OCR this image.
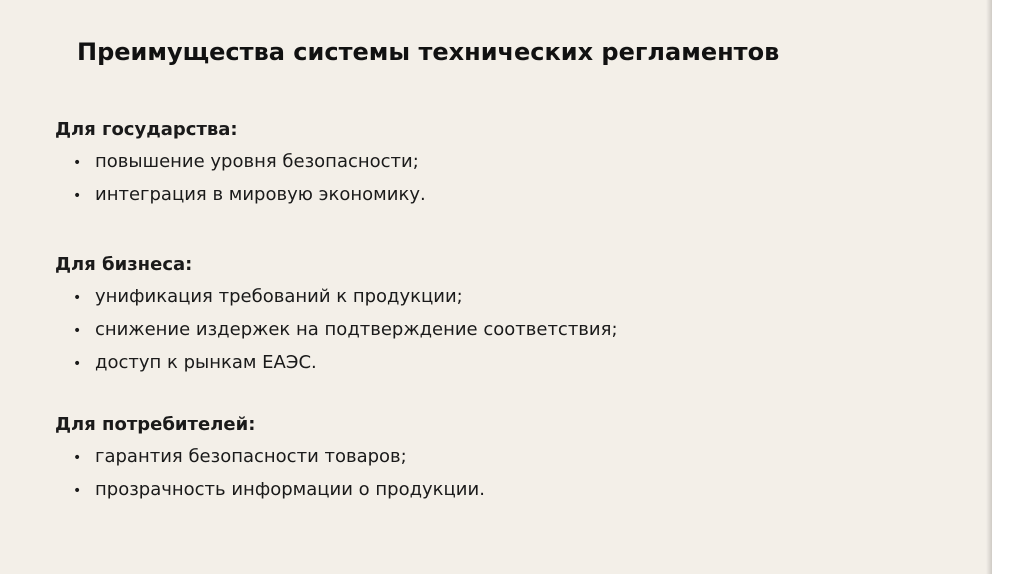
Преимущества системы технических регламентов
Для государства:
• повышение уровня безопасности;
• интеграция в мировую экономику.
Для бизнеса:
• унификация требований к продукции;
• снижение издержек на подтверждение соответствия;
• доступ к рынкам ЕАЭС.
Для потребителей:
• гарантия безопасности товаров;
• прозрачность информации о продукции.
